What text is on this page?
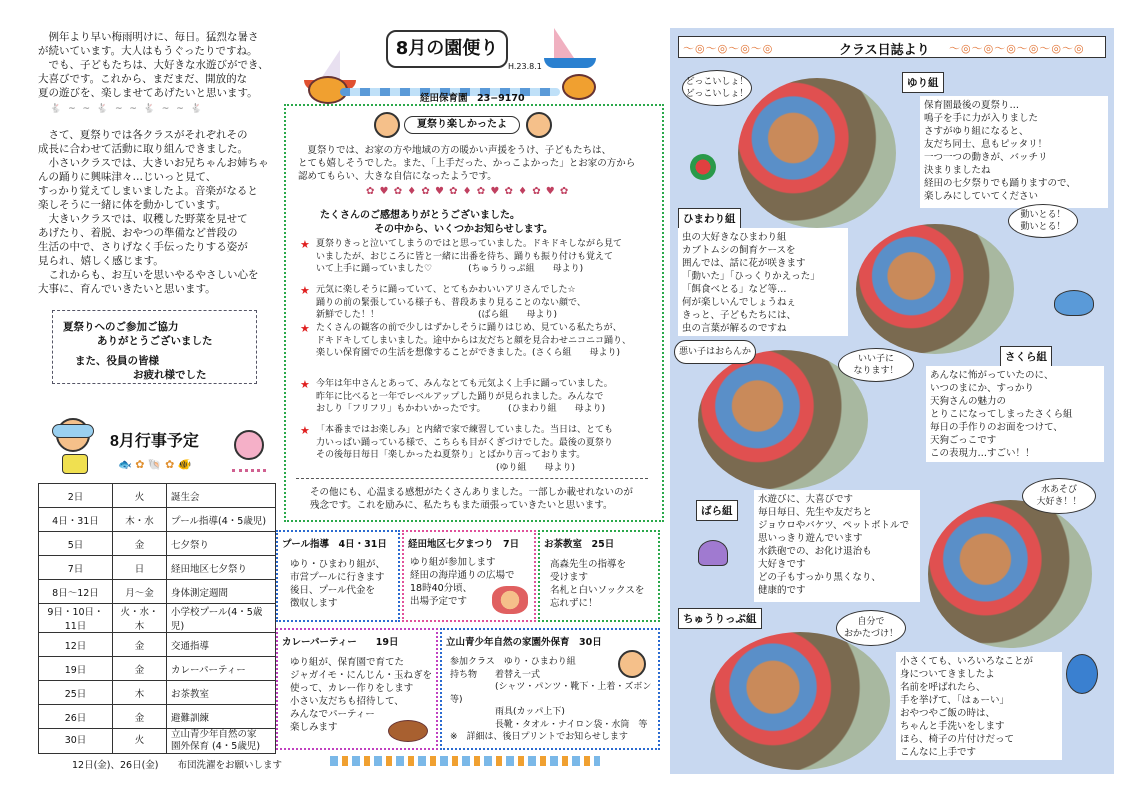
　例年より早い梅雨明けに、毎日。猛烈な暑さ
が続いています。大人はもうぐったりですね。
　でも、子どもたちは、大好きな水遊びができ、
大喜びです。これから、まだまだ、開放的な
夏の遊びを、楽しませてあげたいと思います。
🐇 ~ ~ 🐇 ~ ~ 🐇 ~ ~ 🐇
　さて、夏祭りでは各クラスがそれぞれその
成長に合わせて活動に取り組んできました。
　小さいクラスでは、大きいお兄ちゃんお姉ちゃ
んの踊りに興味津々…じいっと見て、
すっかり覚えてしまいましたよ。音楽がなると
楽しそうに一緒に体を動かしています。
　大きいクラスでは、収穫した野菜を見せて
あげたり、着脱、おやつの準備など普段の
生活の中で、さりげなく手伝ったりする姿が
見られ、嬉しく感じます。
　これからも、お互いを思いやるやさしい心を
大事に、育んでいきたいと思います。
夏祭りへのご参加ご協力
ありがとうございました
また、役員の皆様
お疲れ様でした
8月行事予定
🐟 ✿ 🐚 ✿ 🐠
2日	火	誕生会
4日・31日	木・水	プール指導(4・5歳児)
5日	金	七夕祭り
7日	日	経田地区七夕祭り
8日～12日	月～金	身体測定週間
9日・10日・11日	火・水・木	小学校プール(4・5歳児)
12日	金	交通指導
19日	金	カレーパーティー
25日	木	お茶教室
26日	金	避難訓練
30日	火	立山青少年自然の家
園外保育 (4・5歳児)
12日(金)、26日(金)　　布団洗濯をお願いします
8月の園便り
H.23.8.1
経田保育園　23−9170
夏祭り楽しかったよ
　夏祭りでは、お家の方や地域の方の暖かい声援をうけ、子どもたちは、
とても嬉しそうでした。また、「上手だった、かっこよかった」とお家の方から
認めてもらい、大きな自信になったようです。
✿ ♥ ✿ ♦ ✿ ♥ ✿ ♦ ✿ ♥ ✿ ♦ ✿ ♥ ✿
たくさんのご感想ありがとうございました。
その中から、いくつかお知らせします。
★ 夏祭りきっと泣いてしまうのではと思っていました。ドキドキしながら見て
いましたが、おじころに皆と一緒に出番を待ち、踊りも振り付けも覚えて
いて上手に踊っていました♡　　　　(ちゅうりっぷ組　　母より)
★ 元気に楽しそうに踊っていて、とてもかわいいアリさんでした☆
踊りの前の緊張している様子も、普段あまり見ることのない顔で、
新鮮でした！！　　　　　　　　　　　(ばら組　　母より)
★ たくさんの観客の前で少しはずかしそうに踊りはじめ、見ている私たちが、
ドキドキしてしまいました。途中からは友だちと顔を見合わせニコニコ踊り、
楽しい保育園での生活を想像することができました。(さくら組　　母より)
★ 今年は年中さんとあって、みんなとても元気よく上手に踊っていました。
昨年に比べると一年でレベルアップした踊りが見られました。みんなで
おしり「フリフリ」もかわいかったです。　　　(ひまわり組　　母より)
★ 「本番まではお楽しみ」と内緒で家で練習していました。当日は、とても
力いっぱい踊っている様で、こちらも目がくぎづけでした。最後の夏祭り
その後毎日毎日「楽しかったね夏祭り」とばかり言っております。
　　　　　　　　　　　　　　　　　　　　(ゆり組　　母より)
その他にも、心温まる感想がたくさんありました。一部しか載せれないのが
残念です。これを励みに、私たちもまた頑張っていきたいと思います。
プール指導　4日・31日
ゆり・ひまわり組が、
市営プールに行きます
後日、プール代金を
徴収します
経田地区七夕まつり　7日
ゆり組が参加します
経田の海岸通りの広場で
18時40分頃、
出場予定です
お茶教室　25日
高森先生の指導を
受けます
名札と白いソックスを
忘れずに！
カレーパーティー　　19日
ゆり組が、保育園で育てた
ジャガイモ・にんじん・玉ねぎを
使って、カレー作りをします
小さい友だちも招待して、
みんなでパーティー
楽しみます
立山青少年自然の家園外保育　30日
参加クラス　ゆり・ひまわり組
持ち物　　着替え一式
　　　　　(シャツ・パンツ・靴下・上着・ズボン等)
　　　　　雨具(カッパ上下)
　　　　　長靴・タオル・ナイロン袋・水筒　等
※　詳細は、後日プリントでお知らせします
〜◎〜◎〜◎〜◎	クラス日誌より 〜◎〜◎〜◎〜◎〜◎〜◎
どっこいしょ！
どっこいしょ！
ゆり組
保育園最後の夏祭り…
鳴子を手に力が入りました
さすがゆり組になると、
友だち同士、息もピッタリ！
一つ一つの動きが、バッチリ
決まりましたね
経田の七夕祭りでも踊りますので、
楽しみにしていてください
ひまわり組
虫の大好きなひまわり組
カブトムシの飼育ケースを
囲んでは、話に花が咲きます
「動いた」「ひっくりかえった」
「餌食べとる」など等…
何が楽しいんでしょうねぇ
きっと、子どもたちには、
虫の言葉が解るのですね
動いとる！
動いとる！
悪い子はおらんか
いい子に
なります！
さくら組
あんなに怖がっていたのに、
いつのまにか、すっかり
天狗さんの魅力の
とりこになってしまったさくら組
毎日の手作りのお面をつけて、
天狗ごっこです
この表現力…すごい！！
ばら組
水遊びに、大喜びです
毎日毎日、先生や友だちと
ジョウロやバケツ、ペットボトルで
思いっきり遊んでいます
水鉄砲での、お化け退治も
大好きです
どの子もすっかり黒くなり、
健康的です
水あそび
大好き！！
ちゅうりっぷ組	自分で
おかたづけ！
小さくても、いろいろなことが
身についてきましたよ
名前を呼ばれたら、
手を挙げて、「はぁーい」
おやつやご飯の時は、
ちゃんと手洗いをします
ほら、椅子の片付けだって
こんなに上手です
